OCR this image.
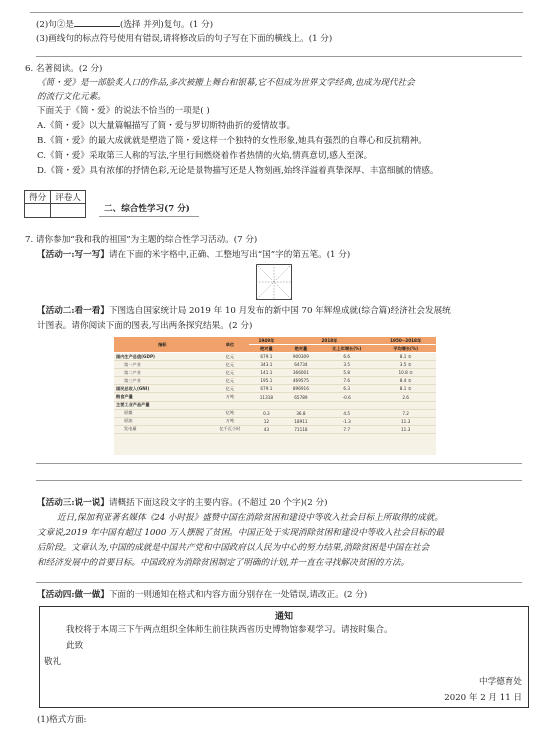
(2)句②是	(选择 并列)复句。(1 分)
(3)画线句的标点符号使用有错误,请将修改后的句子写在下面的横线上。(1 分)
6. 名著阅读。(2 分)
《简・爱》是一部脍炙人口的作品,多次被搬上舞台和银幕,它不但成为世界文学经典,也成为现代社会
的流行文化元素。
下面关于《简・爱》的说法不恰当的一项是( )
A.《简・爱》以大量篇幅描写了简・爱与罗切斯特曲折的爱情故事。
B.《简・爱》的最大成就就是塑造了简・爱这样一个独特的女性形象,她具有强烈的自尊心和反抗精神。
C.《简・爱》采取第三人称的写法,字里行间燃烧着作者热情的火焰,情真意切,感人至深。
D.《简・爱》具有浓郁的抒情色彩,无论是景物描写还是人物刻画,始终洋溢着真挚深厚、丰富细腻的情感。
得分	评卷人

二、综合性学习(7 分)
7. 请你参加“我和我的祖国”为主题的综合性学习活动。(7 分)
【活动一:写一写】请在下面的米字格中,正确、工整地写出“国”字的第五笔。(1 分)
【活动二:看一看】下图选自国家统计局 2019 年 10 月发布的新中国 70 年辉煌成就(综合篇)经济社会发展统
计图表。请你阅读下面的图表,写出两条探究结果。(2 分)
指标	单位	1949年	2018年		1950~2018年
		绝对量	绝对量	比上年增长(%)	平均增长(%)
国内生产总值(GDP)	亿元	679.1	900309	6.6	8.1 ②
第一产业	亿元	343.1	64734	3.5	3.5 ②
第二产业	亿元	141.1	366001	5.8	10.8 ②
第三产业	亿元	195.1	469575	7.6	8.4 ②
国民总收入(GNI)	亿元	679.1	896916	6.3	8.1 ②
粮食产量	万吨	11318	65789	-0.6	2.6
主要工业产品产量					
原煤	亿吨	0.3	36.8	4.5	7.2
原油	万吨	12	18911	-1.3	11.3
发电量	亿千瓦小时	43	71118	7.7	11.3
【活动三:说一说】请概括下面这段文字的主要内容。(不超过 20 个字)(2 分)
近日,保加利亚著名媒体《24 小时报》盛赞中国在消除贫困和建设中等收入社会目标上所取得的成就。
文章说,2019 年中国有超过 1000 万人摆脱了贫困。中国正处于实现消除贫困和建设中等收入社会目标的最
后阶段。文章认为,中国的成就是中国共产党和中国政府以人民为中心的努力结果,消除贫困是中国在社会
和经济发展中的首要目标。中国政府为消除贫困制定了明确的计划,并一直在寻找解决贫困的方法。
【活动四:做一做】下面的一则通知在格式和内容方面分别存在一处错误,请改正。(2 分)
通知
我校将于本周三下午两点组织全体师生前往陕西省历史博物馆参观学习。请按时集合。
此致
敬礼
中学德育处
2020 年 2 月 11 日
(1)格式方面:
